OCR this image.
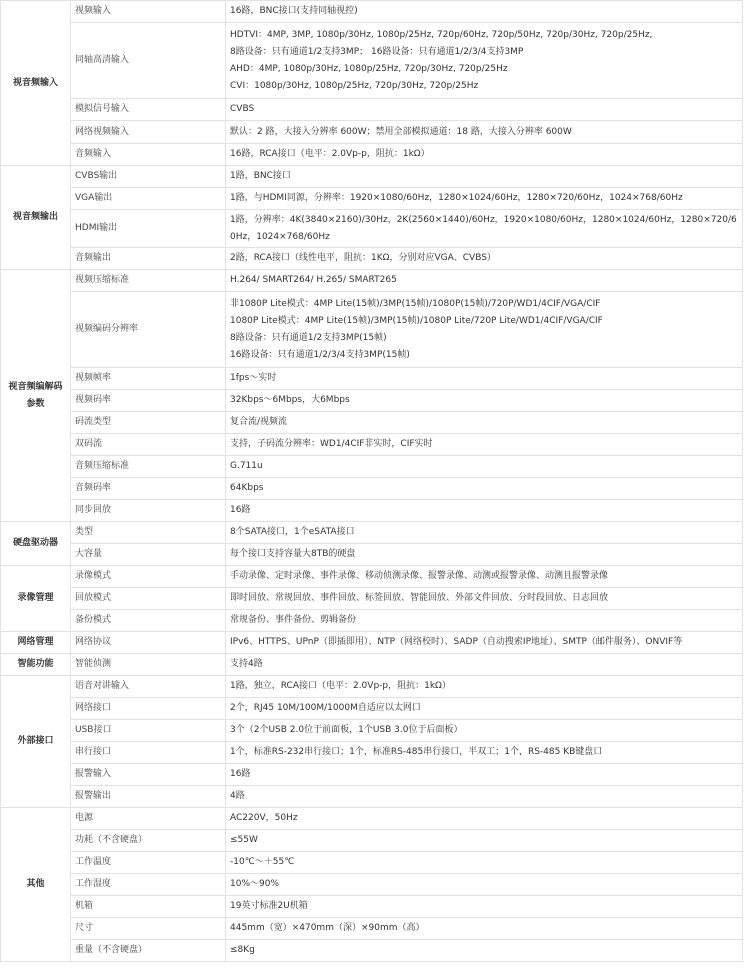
视音频输入	视频输入	16路，BNC接口(支持同轴视控)

	同轴高清输入	HDTVI：4MP, 3MP, 1080p/30Hz, 1080p/25Hz, 720p/60Hz, 720p/50Hz, 720p/30Hz, 720p/25Hz,
8路设备：只有通道1/2支持3MP； 16路设备：只有通道1/2/3/4支持3MP
AHD：4MP, 1080p/30Hz, 1080p/25Hz, 720p/30Hz, 720p/25Hz
CVI：1080p/30Hz, 1080p/25Hz, 720p/30Hz, 720p/25Hz

	模拟信号输入	CVBS

	网络视频输入	默认：2 路，大接入分辨率 600W；禁用全部模拟通道：18 路，大接入分辨率 600W

	音频输入	16路，RCA接口（电平：2.0Vp-p，阻抗：1kΩ）

视音频输出	CVBS输出	1路，BNC接口

	VGA输出	1路，与HDMI同源，分辨率：1920×1080/60Hz，1280×1024/60Hz，1280×720/60Hz，1024×768/60Hz

	HDMI输出	1路，分辨率：4K(3840×2160)/30Hz，2K(2560×1440)/60Hz，1920×1080/60Hz，1280×1024/60Hz，1280×720/60Hz，1024×768/60Hz

	音频输出	2路，RCA接口（线性电平，阻抗：1KΩ，分别对应VGA、CVBS）

视音频编解码参数	视频压缩标准	H.264/ SMART264/ H.265/ SMART265

	视频编码分辨率	非1080P Lite模式：4MP Lite(15帧)/3MP(15帧)/1080P(15帧)/720P/WD1/4CIF/VGA/CIF
1080P Lite模式：4MP Lite(15帧)/3MP(15帧)/1080P Lite/720P Lite/WD1/4CIF/VGA/CIF
8路设备：只有通道1/2支持3MP(15帧)
16路设备：只有通道1/2/3/4支持3MP(15帧)

	视频帧率	1fps～实时

	视频码率	32Kbps～6Mbps，大6Mbps

	码流类型	复合流/视频流

	双码流	支持，子码流分辨率：WD1/4CIF非实时，CIF实时

	音频压缩标准	G.711u

	音频码率	64Kbps

	同步回放	16路

硬盘驱动器	类型	8个SATA接口，1个eSATA接口

	大容量	每个接口支持容量大8TB的硬盘

录像管理	录像模式	手动录像、定时录像、事件录像、移动侦测录像、报警录像、动测或报警录像、动测且报警录像

	回放模式	即时回放、常规回放、事件回放、标签回放、智能回放、外部文件回放、分时段回放、日志回放

	备份模式	常规备份、事件备份、剪辑备份

网络管理	网络协议	IPv6、HTTPS、UPnP（即插即用）、NTP（网络校时）、SADP（自动搜索IP地址）、SMTP（邮件服务）、ONVIF等

智能功能	智能侦测	支持4路

外部接口	语音对讲输入	1路，独立，RCA接口（电平：2.0Vp-p，阻抗：1kΩ）

	网络接口	2个，RJ45 10M/100M/1000M自适应以太网口

	USB接口	3个（2个USB 2.0位于前面板，1个USB 3.0位于后面板）

	串行接口	1个，标准RS-232串行接口；1个，标准RS-485串行接口，半双工；1个，RS-485 KB键盘口

	报警输入	16路

	报警输出	4路

其他	电源	AC220V，50Hz

	功耗（不含硬盘）	≤55W

	工作温度	-10℃～＋55℃

	工作湿度	10%～90%

	机箱	19英寸标准2U机箱

	尺寸	445mm（宽）×470mm（深）×90mm（高）

	重量（不含硬盘）	≤8Kg
